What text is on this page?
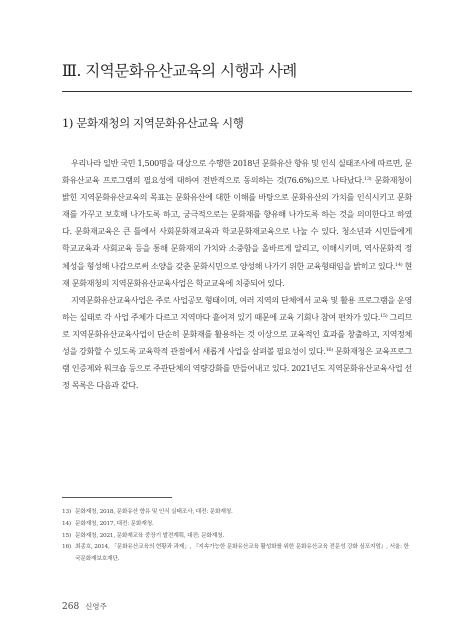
Ⅲ. 지역문화유산교육의 시행과 사례
1) 문화재청의 지역문화유산교육 시행

우리나라 일반 국민 1,500명을 대상으로 수행한 2018년 문화유산 향유 및 인식 실태조사에 따르면, 문화유산교육 프로그램의 필요성에 대하여 전반적으로 동의하는 것(76.6%)으로 나타났다.$^{13)}$ 문화재청이 밝힌 지역문화유산교육의 목표는 문화유산에 대한 이해를 바탕으로 문화유산의 가치를 인식시키고 문화재를 가꾸고 보호해 나가도록 하고, 궁극적으로는 문화재를 향유해 나가도록 하는 것을 의미한다고 하였다. 문화재교육은 큰 틀에서 사회문화재교육과 학교문화재교육으로 나눌 수 있다. 청소년과 시민들에게 학교교육과 사회교육 등을 통해 문화재의 가치와 소중함을 올바르게 알리고, 이해시키며, 역사문화적 정체성을 형성해 나감으로써 소양을 갖춘 문화시민으로 양성해 나가기 위한 교육형태임을 밝히고 있다.$^{14)}$ 현재 문화재청의 지역문화유산교육사업은 학교교육에 치중되어 있다.

지역문화유산교육사업은 주로 사업공모 형태이며, 여러 지역의 단체에서 교육 및 활용 프로그램을 운영하는 실태로 각 사업 주체가 다르고 지역마다 흩어져 있기 때문에 교육 기회나 참여 편차가 있다.$^{15)}$ 그리므로 지역문화유산교육사업이 단순히 문화재를 활용하는 것 이상으로 교육적인 효과를 창출하고, 지역정체성을 강화할 수 있도록 교육학적 관점에서 새롭게 사업을 살펴볼 필요성이 있다.$^{16)}$ 문화재청은 교육프로그램 인증제와 워크숍 등으로 주관단체의 역량강화를 만들어내고 있다. 2021년도 지역문화유산교육사업 선정 목록은 다음과 같다.

13) 문화재청, 2018, 문화유산 향유 및 인식 실태조사, 대전: 문화재청.
14) 문화재청, 2017, 대전: 문화재청.
15) 문화재청, 2021, 문화재교육 중장기 발전계획, 대전: 문화재청.
16) 최종호, 2014, 「문화유산교육의 현황과 과제」, 『지속가능한 문화유산교육 활성화를 위한 문화유산교육 전문성 강화 심포지엄』, 서울: 한국문화재보호재단.
268 신영주
